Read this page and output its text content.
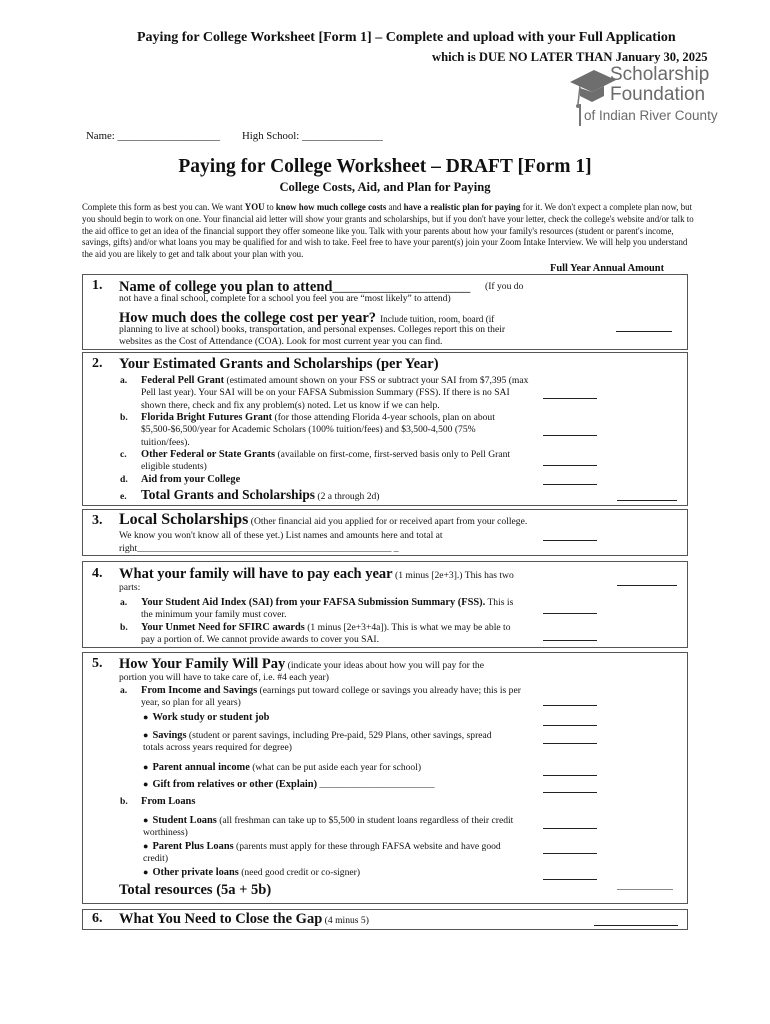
Paying for College Worksheet [Form 1] – Complete and upload with your Full Application
which is DUE NO LATER THAN January 30, 2025
Scholarship
Foundation
of Indian River County
Name: ___________________ High School: _______________
Paying for College Worksheet – DRAFT [Form 1]
College Costs, Aid, and Plan for Paying
Complete this form as best you can. We want YOU to know how much college costs and have a realistic plan for paying for it. We don't expect a complete plan now, but you should begin to work on one. Your financial aid letter will show your grants and scholarships, but if you don't have your letter, check the college's website and/or talk to the aid office to get an idea of the financial support they offer someone like you. Talk with your parents about how your family's resources (student or parent's income, savings, gifts) and/or what loans you may be qualified for and wish to take. Feel free to have your parent(s) join your Zoom Intake Interview. We will help you understand the aid you are likely to get and talk about your plan with you.
Full Year Annual Amount
1. Name of college you plan to attend___________________	(If you do not have a final school, complete for a school you feel you are “most likely” to attend)
How much does the college cost per year? Include tuition, room, board (if
planning to live at school) books, transportation, and personal expenses. Colleges report this on their websites as the Cost of Attendance (COA). Look for most current year you can find.
2. Your Estimated Grants and Scholarships (per Year)
a. Federal Pell Grant (estimated amount shown on your FSS or subtract your SAI from $7,395 (max Pell last year). Your SAI will be on your FAFSA Submission Summary (FSS). If there is no SAI shown there, check and fix any problem(s) noted. Let us know if we can help.
b. Florida Bright Futures Grant (for those attending Florida 4-year schools, plan on about $5,500-$6,500/year for Academic Scholars (100% tuition/fees) and $3,500-4,500 (75% tuition/fees).
c. Other Federal or State Grants (available on first-come, first-served basis only to Pell Grant eligible students)
d. Aid from your College
e. Total Grants and Scholarships (2 a through 2d)
3. Local Scholarships (Other financial aid you applied for or received apart from your college. We know you won't know all of these yet.) List names and amounts here and total at right_____________________________________________________ _
4. What your family will have to pay each year (1 minus [2e+3].) This has two parts:
a. Your Student Aid Index (SAI) from your FAFSA Submission Summary (FSS). This is the minimum your family must cover.
b. Your Unmet Need for SFIRC awards (1 minus [2e+3+4a]). This is what we may be able to pay a portion of. We cannot provide awards to cover you SAI.
5. How Your Family Will Pay (indicate your ideas about how you will pay for the portion you will have to take care of, i.e. #4 each year)
a. From Income and Savings (earnings put toward college or savings you already have; this is per year, so plan for all years)
● Work study or student job
● Savings (student or parent savings, including Pre-paid, 529 Plans, other savings, spread totals across years required for degree)
● Parent annual income (what can be put aside each year for school)
● Gift from relatives or other (Explain) ________________________
b. From Loans
● Student Loans (all freshman can take up to $5,500 in student loans regardless of their credit worthiness)
● Parent Plus Loans (parents must apply for these through FAFSA website and have good credit)
● Other private loans (need good credit or co-signer)
Total resources (5a + 5b)
6. What You Need to Close the Gap (4 minus 5)
